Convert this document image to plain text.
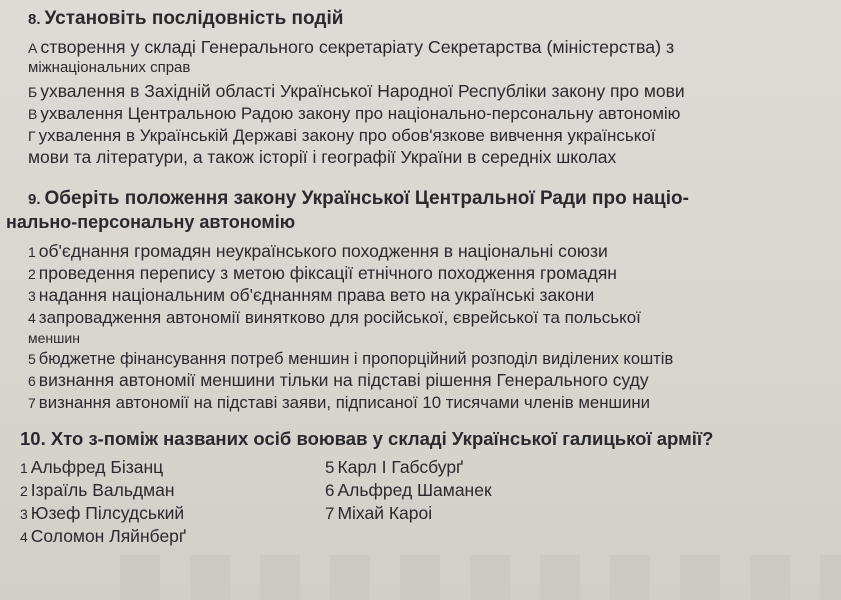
8. Установіть послідовність подій
А створення у складі Генерального секретаріату Секретарства (міністерства) з
міжнаціональних справ
Б ухвалення в Західній області Української Народної Республіки закону про мови
В ухвалення Центральною Радою закону про національно-персональну автономію
Г ухвалення в Українській Державі закону про обов'язкове вивчення української
мови та літератури, а також історії і географії України в середніх школах
9. Оберіть положення закону Української Центральної Ради про націо-
нально-персональну автономію
1 об'єднання громадян неукраїнського походження в національні союзи
2 проведення перепису з метою фіксації етнічного походження громадян
3 надання національним об'єднанням права вето на українські закони
4 запровадження автономії винятково для російської, єврейської та польської
меншин
5 бюджетне фінансування потреб меншин і пропорційний розподіл виділених коштів
6 визнання автономії меншини тільки на підставі рішення Генерального суду
7 визнання автономії на підставі заяви, підписаної 10 тисячами членів меншини
10. Хто з-поміж названих осіб воював у складі Української галицької армії?
1 Альфред Бізанц
2 Ізраїль Вальдман
3 Юзеф Пілсудський
4 Соломон Ляйнберґ
5 Карл I Габсбурґ
6 Альфред Шаманек
7 Міхай Кароі
